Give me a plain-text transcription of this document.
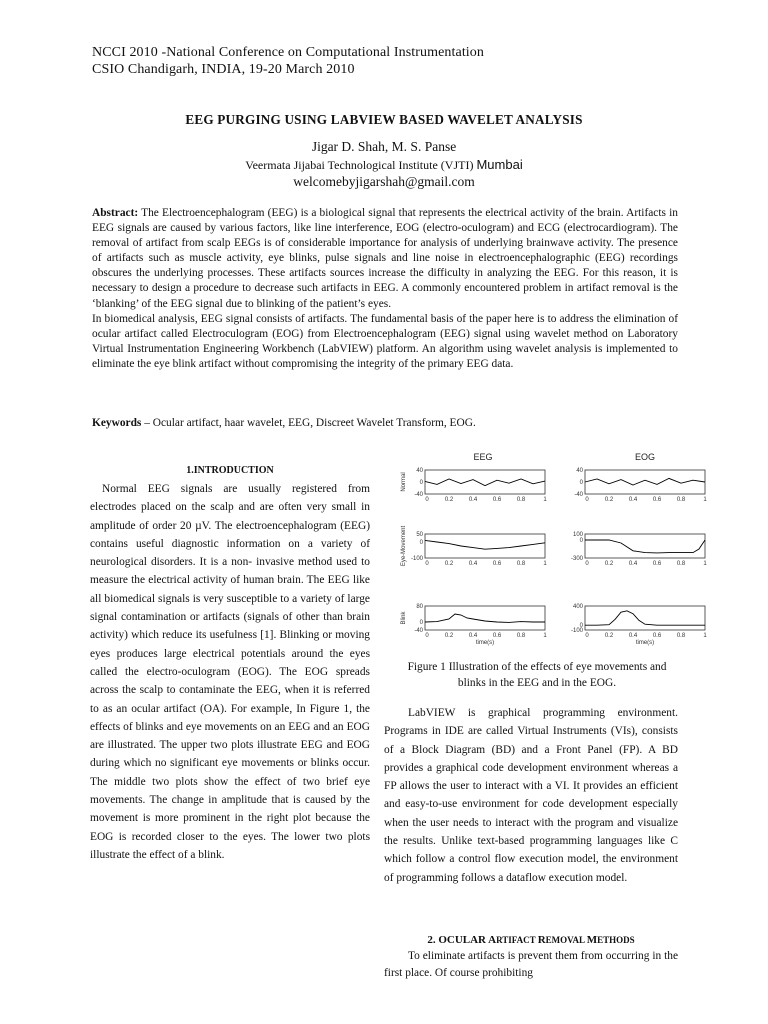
NCCI 2010 -National Conference on Computational Instrumentation
CSIO Chandigarh, INDIA, 19-20 March 2010
EEG PURGING USING LABVIEW BASED WAVELET ANALYSIS
Jigar D. Shah, M. S. Panse
Veermata Jijabai Technological Institute (VJTI) Mumbai
welcomebyjigarshah@gmail.com

Abstract: The Electroencephalogram (EEG) is a biological signal that represents the electrical activity of the brain. Artifacts in EEG signals are caused by various factors, like line interference, EOG (electro-oculogram) and ECG (electrocardiogram). The removal of artifact from scalp EEGs is of considerable importance for analysis of underlying brainwave activity. The presence of artifacts such as muscle activity, eye blinks, pulse signals and line noise in electroencephalographic (EEG) recordings obscures the underlying processes. These artifacts sources increase the difficulty in analyzing the EEG. For this reason, it is necessary to design a procedure to decrease such artifacts in EEG. A commonly encountered problem in artifact removal is the ‘blanking’ of the EEG signal due to blinking of the patient’s eyes.

In biomedical analysis, EEG signal consists of artifacts. The fundamental basis of the paper here is to address the elimination of ocular artifact called Electroculogram (EOG) from Electroencephalogram (EEG) signal using wavelet method on Laboratory Virtual Instrumentation Engineering Workbench (LabVIEW) platform. An algorithm using wavelet analysis is implemented to eliminate the eye blink artifact without compromising the integrity of the primary EEG data.

Keywords – Ocular artifact, haar wavelet, EEG, Discreet Wavelet Transform, EOG.
1.INTRODUCTION

Normal EEG signals are usually registered from electrodes placed on the scalp and are often very small in amplitude of order 20 µV. The electroencephalogram (EEG) contains useful diagnostic information on a variety of neurological disorders. It is a non- invasive method used to measure the electrical activity of human brain. The EEG like all biomedical signals is very susceptible to a variety of large signal contamination or artifacts (signals of other than brain activity) which reduce its usefulness [1]. Blinking or moving eyes produces large electrical potentials around the eyes called the electro-oculogram (EOG). The EOG spreads across the scalp to contaminate the EEG, when it is referred to as an ocular artifact (OA). For example, In Figure 1, the effects of blinks and eye movements on an EEG and an EOG are illustrated. The upper two plots illustrate EEG and EOG during which no significant eye movements or blinks occur. The middle two plots show the effect of two brief eye movements. The change in amplitude that is caused by the movement is more prominent in the right plot because the EOG is recorded closer to the eyes. The lower two plots illustrate the effect of a blink.

EEG	EOG
40
0
-40
0	0.2	0.4	0.6	0.8	1
Normal
40
0
-40
0	0.2	0.4	0.6	0.8	1
50
0
-100
0	0.2	0.4	0.6	0.8	1
Eye-Movement	100
0
-300
0	0.2	0.4	0.6	0.8	1
80
0
-40
0	0.2	0.4	0.6	0.8	1
Blink
time(s)
400
0
-100
0	0.2	0.4	0.6	0.8	1
time(s)
Figure 1 Illustration of the effects of eye movements and blinks in the EEG and in the EOG.

LabVIEW is graphical programming environment. Programs in IDE are called Virtual Instruments (VIs), consists of a Block Diagram (BD) and a Front Panel (FP). A BD provides a graphical code development environment whereas a FP allows the user to interact with a VI. It provides an efficient and easy-to-use environment for code development especially when the user needs to interact with the program and visualize the results. Unlike text-based programming languages like C which follow a control flow execution model, the environment of programming follows a dataflow execution model.

2. OCULAR ARTIFACT REMOVAL METHODS

To eliminate artifacts is prevent them from occurring in the first place. Of course prohibiting
